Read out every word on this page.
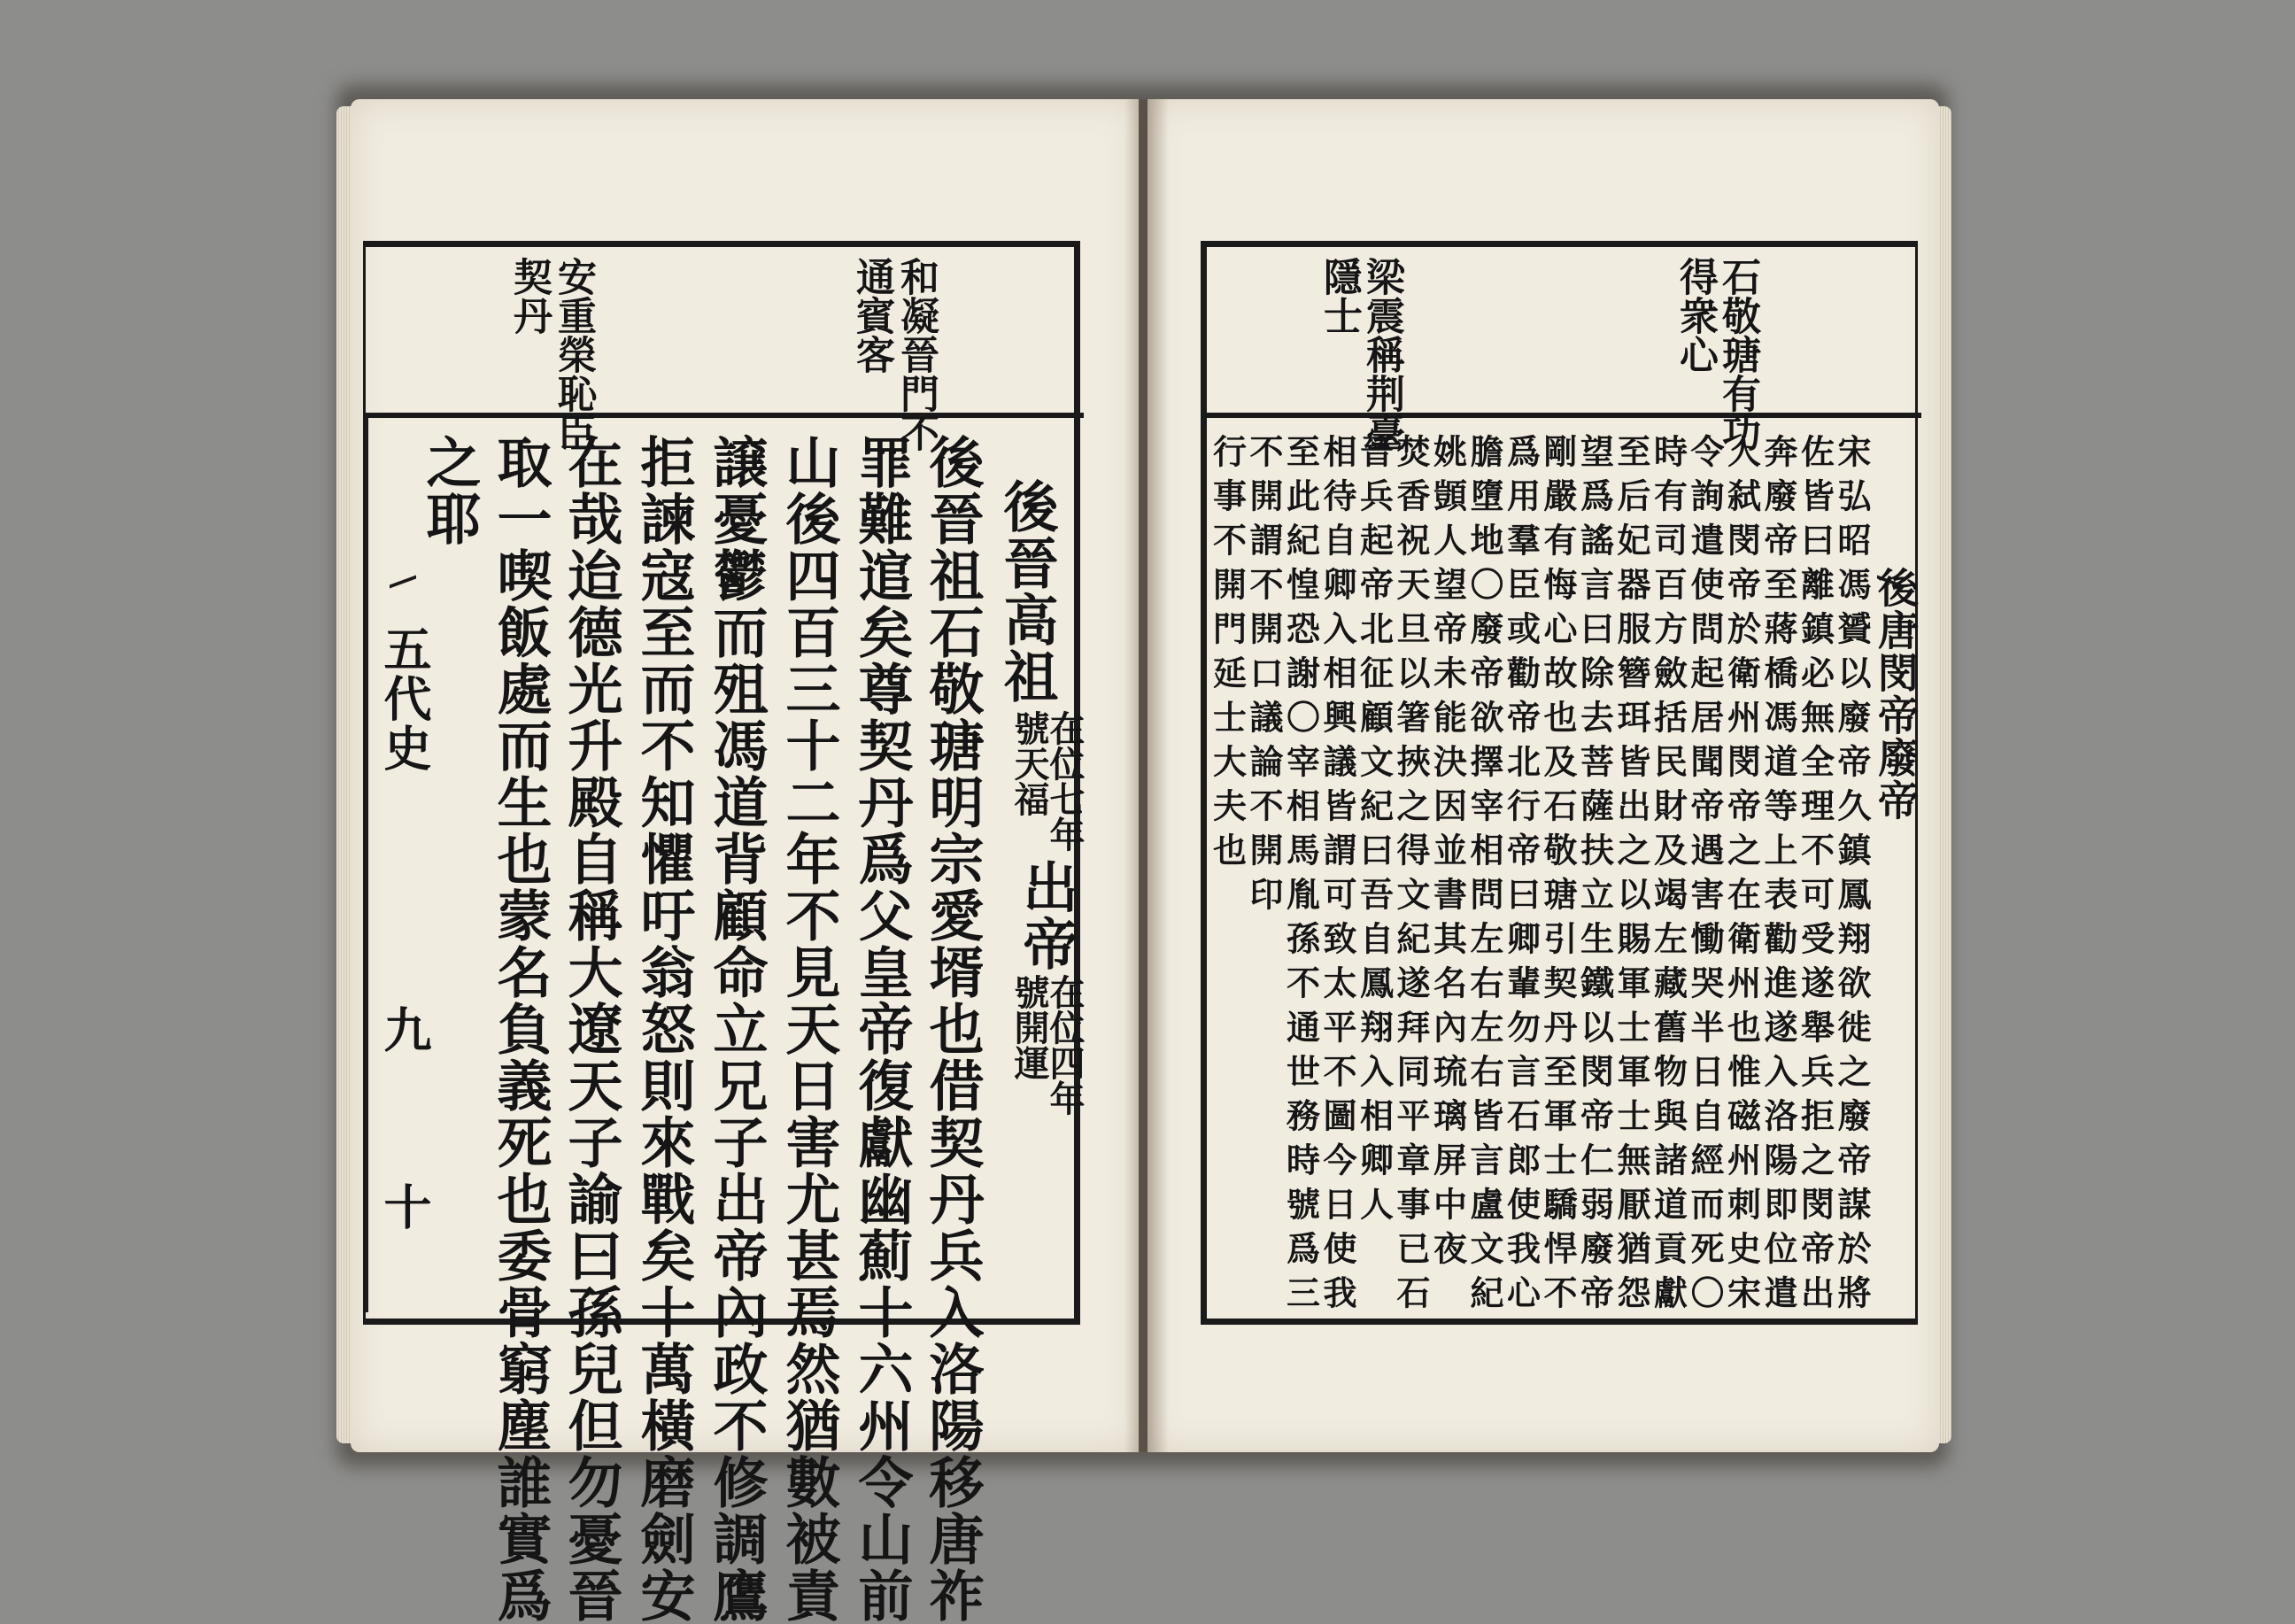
和凝晉門不
通賓客
安重榮恥臣
契丹
五代史
九
十
後晉高祖
在位七年
號天福
出帝
在位四年
號開運
後晉祖石敬瑭明宗愛壻也借契丹兵入洛陽移唐祚
罪難逭矣尊契丹爲父皇帝復獻幽薊十六州令山前
山後四百三十二年不見天日害尤甚焉然猶數被責
譲憂鬱而殂馮道背顧命立兄子出帝內政不修調鷹
拒諫寇至而不知懼吁翁怒則來戰矣十萬橫磨劍安
在哉迨德光升殿自稱大遼天子諭曰孫兒但勿憂晉
取一喫飯處而生也蒙名負義死也委骨窮塵誰實爲
之耶
石敬瑭有功
得衆心
梁震稱荆臺
隱士
後唐閔帝廢帝
宋弘昭馮贇以廢帝久鎮鳳翔欲徙之廢帝謀於將
佐皆曰離鎮必無全理不可受遂舉兵拒之閔帝出
奔廢帝至蔣橋馮道等上表勸進遂入洛陽即位遣
人弑閔帝於衛州閔帝之在衛州也惟磁州刺史宋
令詢遣使問起居聞帝遇害慟哭半日自經而死〇
時有司百方斂括民財及竭左藏舊物與諸道貢獻
至后妃器服簪珥皆出之以賜軍士軍士無厭猶怨
望爲謠言曰除去菩薩扶立生鐵以閔帝仁弱廢帝
剛嚴有悔心故也及石敬瑭引契丹至軍士驕悍不
爲用羣臣或勸帝北行帝曰卿輩勿言石郎使我心
膽墮地〇廢帝欲擇宰相問左右左右皆言盧文紀
姚顗人望帝未能決因並書其名內琉璃屏中夜
焚香祝天旦以箸挾之得文紀遂拜同平章事已石
晉兵起帝北征顧文紀曰吾自鳳翔入相卿人
相待自卿入相興議皆謂可致太平不圖今日使我
至此紀惶恐謝〇宰相馬胤孫不通世務時號爲三
不開謂不開口議論不開印
行事不開門延士大夫也
